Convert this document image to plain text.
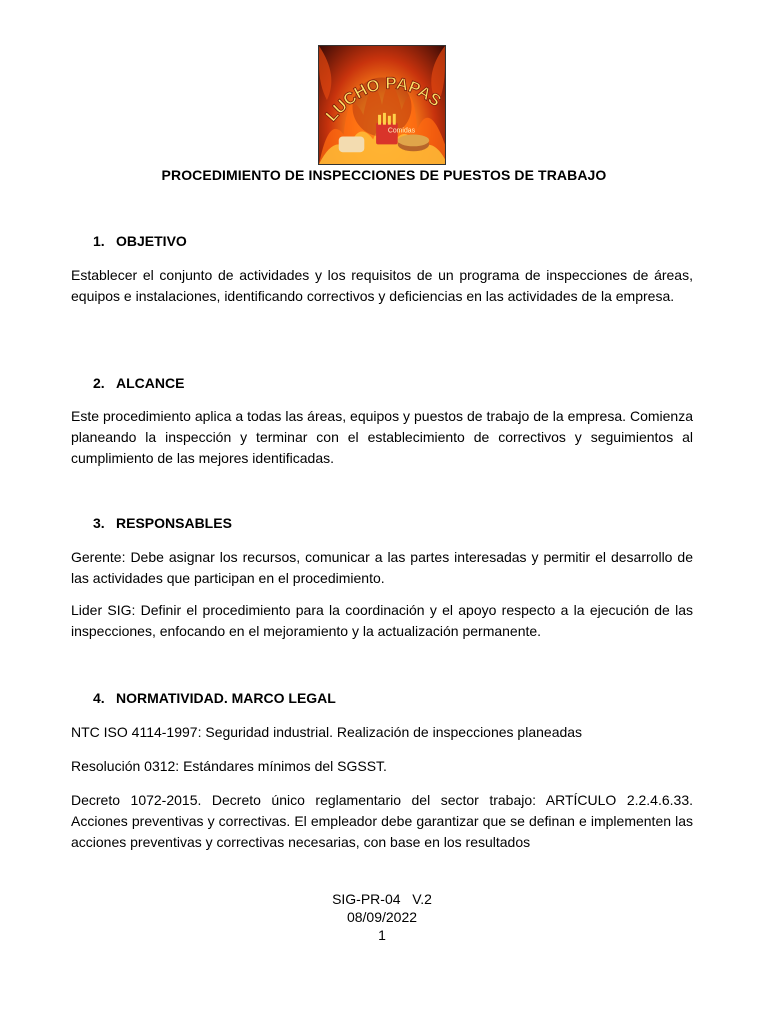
LUCHO PAPAS
Comidas
PROCEDIMIENTO DE INSPECCIONES DE PUESTOS DE TRABAJO
1. OBJETIVO

Establecer el conjunto de actividades y los requisitos de un programa de inspecciones de áreas, equipos e instalaciones, identificando correctivos y deficiencias en las actividades de la empresa.

2. ALCANCE

Este procedimiento aplica a todas las áreas, equipos y puestos de trabajo de la empresa. Comienza planeando la inspección y terminar con el establecimiento de correctivos y seguimientos al cumplimiento de las mejores identificadas.

3. RESPONSABLES

Gerente: Debe asignar los recursos, comunicar a las partes interesadas y permitir el desarrollo de las actividades que participan en el procedimiento.

Lider SIG: Definir el procedimiento para la coordinación y el apoyo respecto a la ejecución de las inspecciones, enfocando en el mejoramiento y la actualización permanente.

4. NORMATIVIDAD. MARCO LEGAL

NTC ISO 4114-1997: Seguridad industrial. Realización de inspecciones planeadas

Resolución 0312: Estándares mínimos del SGSST.

Decreto 1072-2015. Decreto único reglamentario del sector trabajo: ARTÍCULO 2.2.4.6.33. Acciones preventivas y correctivas. El empleador debe garantizar que se definan e implementen las acciones preventivas y correctivas necesarias, con base en los resultados

SIG-PR-04   V.2
08/09/2022
1
